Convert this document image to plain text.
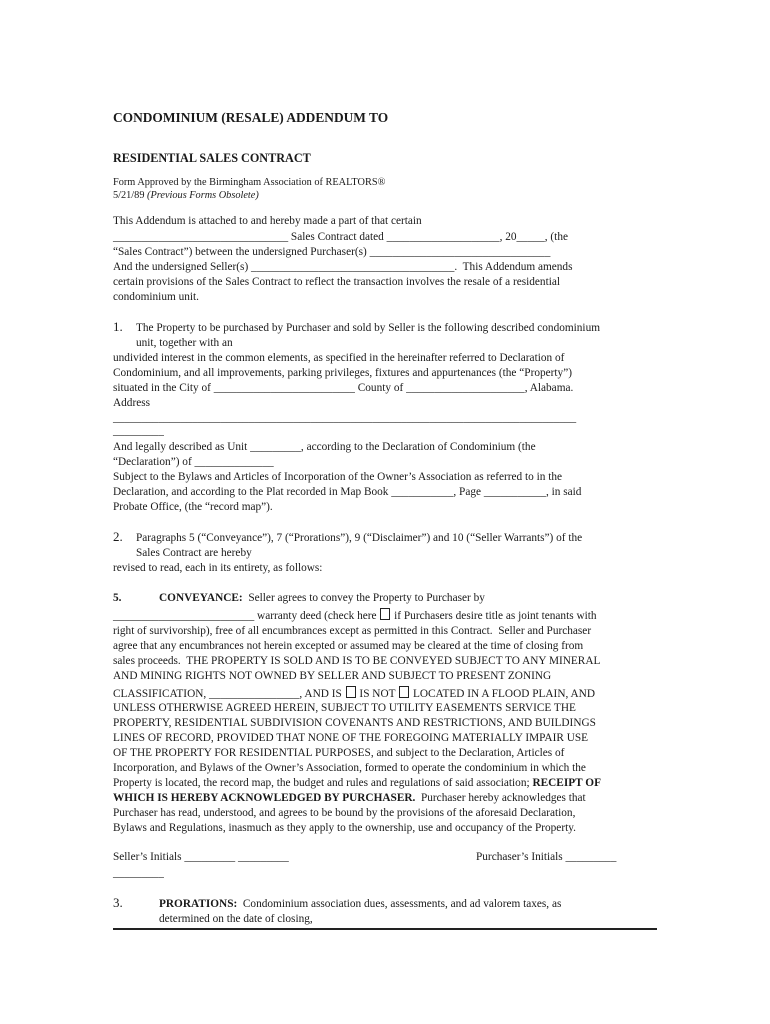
CONDOMINIUM (RESALE) ADDENDUM TO
RESIDENTIAL SALES CONTRACT
Form Approved by the Birmingham Association of REALTORS®
5/21/89 (Previous Forms Obsolete)
This Addendum is attached to and hereby made a part of that certain
_______________________________ Sales Contract dated ____________________, 20_____, (the
“Sales Contract”) between the undersigned Purchaser(s) ________________________________
And the undersigned Seller(s) ____________________________________.  This Addendum amends
certain provisions of the Sales Contract to reflect the transaction involves the resale of a residential
condominium unit.
1. The Property to be purchased by Purchaser and sold by Seller is the following described condominium
unit, together with an
undivided interest in the common elements, as specified in the hereinafter referred to Declaration of
Condominium, and all improvements, parking privileges, fixtures and appurtenances (the “Property”)
situated in the City of _________________________ County of _____________________, Alabama.
Address
__________________________________________________________________________________
_________
And legally described as Unit _________, according to the Declaration of Condominium (the
“Declaration”) of ______________
Subject to the Bylaws and Articles of Incorporation of the Owner’s Association as referred to in the
Declaration, and according to the Plat recorded in Map Book ___________, Page ___________, in said
Probate Office, (the “record map”).
2. Paragraphs 5 (“Conveyance”), 7 (“Prorations”), 9 (“Disclaimer”) and 10 (“Seller Warrants”) of the
Sales Contract are hereby
revised to read, each in its entirety, as follows:
5.	CONVEYANCE:  Seller agrees to convey the Property to Purchaser by
_________________________ warranty deed (check here  if Purchasers desire title as joint tenants with
right of survivorship), free of all encumbrances except as permitted in this Contract.  Seller and Purchaser
agree that any encumbrances not herein excepted or assumed may be cleared at the time of closing from
sales proceeds.  THE PROPERTY IS SOLD AND IS TO BE CONVEYED SUBJECT TO ANY MINERAL
AND MINING RIGHTS NOT OWNED BY SELLER AND SUBJECT TO PRESENT ZONING
CLASSIFICATION, ________________, AND IS  IS NOT  LOCATED IN A FLOOD PLAIN, AND
UNLESS OTHERWISE AGREED HEREIN, SUBJECT TO UTILITY EASEMENTS SERVICE THE
PROPERTY, RESIDENTIAL SUBDIVISION COVENANTS AND RESTRICTIONS, AND BUILDINGS
LINES OF RECORD, PROVIDED THAT NONE OF THE FOREGOING MATERIALLY IMPAIR USE
OF THE PROPERTY FOR RESIDENTIAL PURPOSES, and subject to the Declaration, Articles of
Incorporation, and Bylaws of the Owner’s Association, formed to operate the condominium in which the
Property is located, the record map, the budget and rules and regulations of said association; RECEIPT OF
WHICH IS HEREBY ACKNOWLEDGED BY PURCHASER.  Purchaser hereby acknowledges that
Purchaser has read, understood, and agrees to be bound by the provisions of the aforesaid Declaration,
Bylaws and Regulations, inasmuch as they apply to the ownership, use and occupancy of the Property.
Seller’s Initials _________ _________	Purchaser’s Initials _________
_________
3.	PRORATIONS:  Condominium association dues, assessments, and ad valorem taxes, as
determined on the date of closing,
